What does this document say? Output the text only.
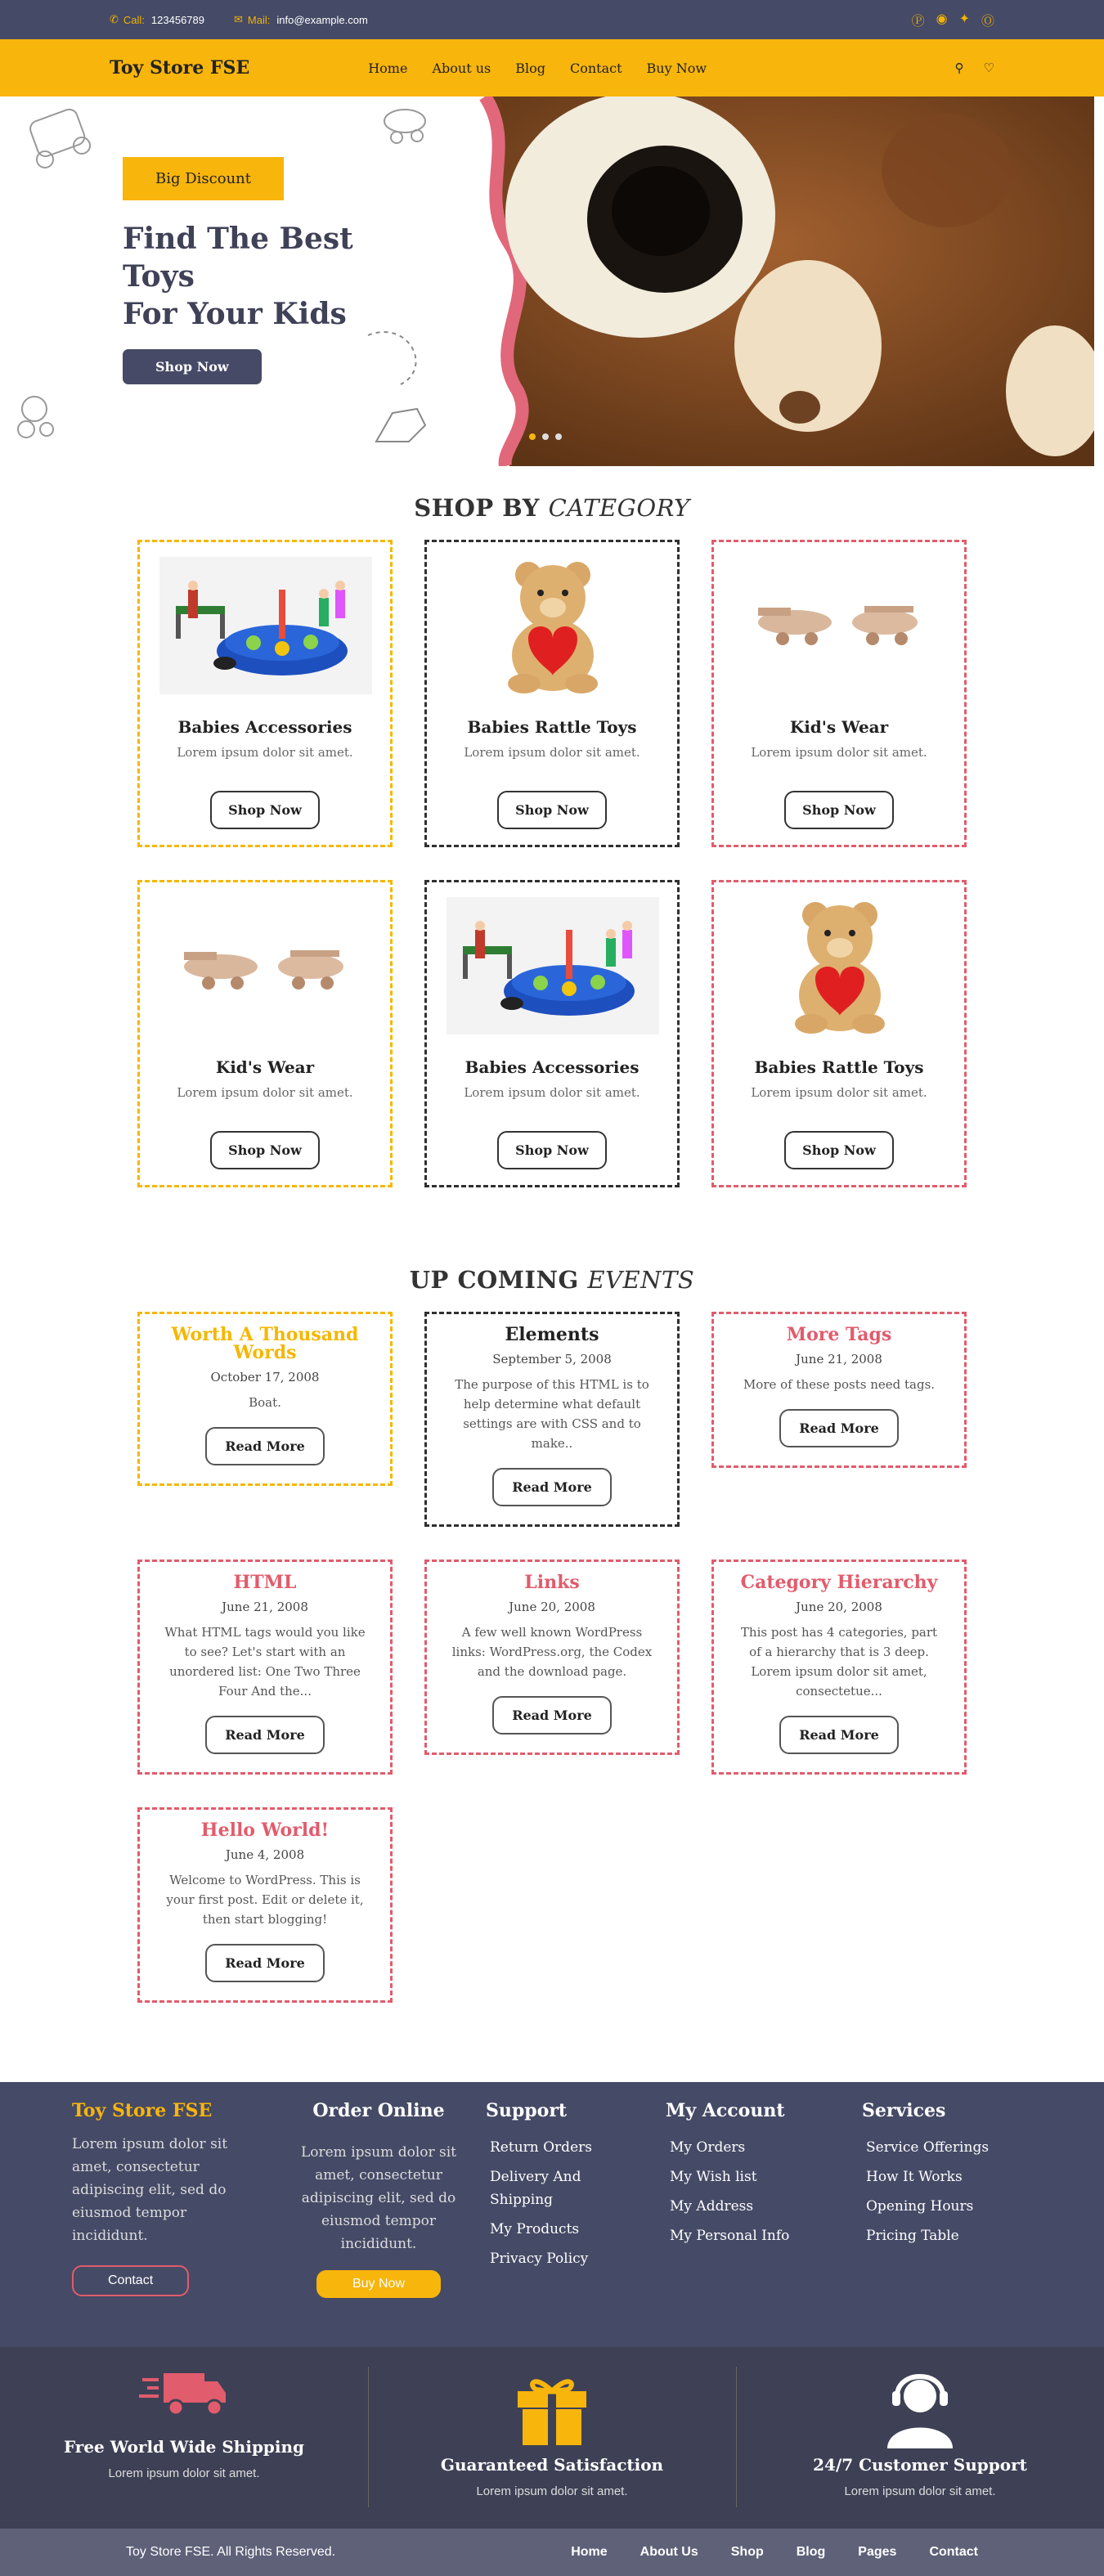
✆ Call: 123456789	✉ Mail: info@example.com	Ⓟ ◉ ✦ Ⓞ
Toy Store FSE	Home About us Blog Contact Buy Now	⚲ ♡
Big Discount
Find The Best
Toys
For Your Kids
Shop Now
SHOP BY CATEGORY
Babies Accessories

Lorem ipsum dolor sit amet.

Shop Now
Babies Rattle Toys

Lorem ipsum dolor sit amet.

Shop Now
Kid's Wear

Lorem ipsum dolor sit amet.

Shop Now
Kid's Wear

Lorem ipsum dolor sit amet.

Shop Now
Babies Accessories

Lorem ipsum dolor sit amet.

Shop Now
Babies Rattle Toys

Lorem ipsum dolor sit amet.

Shop Now
UP COMING EVENTS
Worth A Thousand Words
October 17, 2008
Boat.
Read More
Elements
September 5, 2008
The purpose of this HTML is to help determine what default settings are with CSS and to make..
Read More
More Tags
June 21, 2008
More of these posts need tags.
Read More
HTML
June 21, 2008
What HTML tags would you like to see? Let's start with an unordered list: One Two Three Four And the...
Read More
Links
June 20, 2008
A few well known WordPress links: WordPress.org, the Codex and the download page.
Read More
Category Hierarchy
June 20, 2008
This post has 4 categories, part of a hierarchy that is 3 deep. Lorem ipsum dolor sit amet, consectetue...
Read More
Hello World!
June 4, 2008
Welcome to WordPress. This is your first post. Edit or delete it, then start blogging!
Read More
Toy Store FSE

Lorem ipsum dolor sit amet, consectetur adipiscing elit, sed do eiusmod tempor incididunt.

Contact
Order Online

Lorem ipsum dolor sit amet, consectetur adipiscing elit, sed do eiusmod tempor incididunt.

Buy Now
Support
Return Orders
Delivery And Shipping
My Products
Privacy Policy
My Account
My Orders
My Wish list
My Address
My Personal Info
Services
Service Offerings
How It Works
Opening Hours
Pricing Table
Free World Wide Shipping

Lorem ipsum dolor sit amet.	Guaranteed Satisfaction

Lorem ipsum dolor sit amet.

24/7 Customer Support

Lorem ipsum dolor sit amet.

Toy Store FSE. All Rights Reserved.	Home	About Us	Shop	Blog	Pages	Contact
